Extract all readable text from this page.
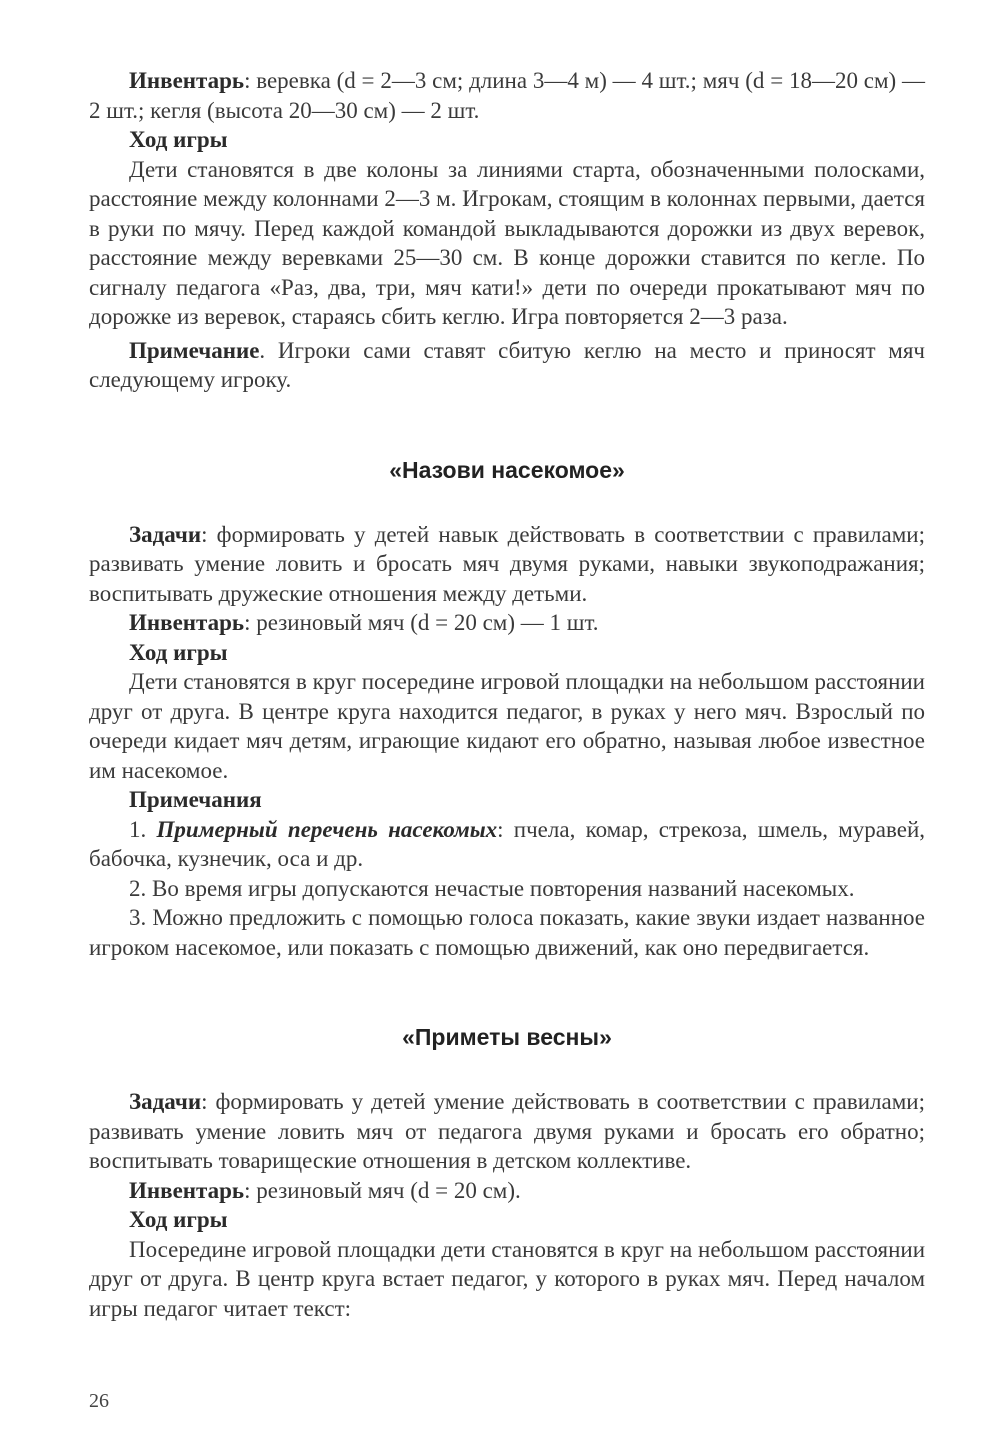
Инвентарь: веревка (d = 2—3 см; длина 3—4 м) — 4 шт.; мяч (d = 18—20 см) — 2 шт.; кегля (высота 20—30 см) — 2 шт.

Ход игры

Дети становятся в две колоны за линиями старта, обозначенными полосками, расстояние между колоннами 2—3 м. Игрокам, стоящим в колоннах первыми, дается в руки по мячу. Перед каждой командой выкладываются дорожки из двух веревок, расстояние между веревками 25—30 см. В конце дорожки ставится по кегле. По сигналу педагога «Раз, два, три, мяч кати!» дети по очереди прокатывают мяч по дорожке из веревок, стараясь сбить кеглю. Игра повторяется 2—3 раза.

Примечание. Игроки сами ставят сбитую кеглю на место и приносят мяч следующему игроку.

«Назови насекомое»

Задачи: формировать у детей навык действовать в соответствии с правилами; развивать умение ловить и бросать мяч двумя руками, навыки звукоподражания; воспитывать дружеские отношения между детьми.

Инвентарь: резиновый мяч (d = 20 см) — 1 шт.

Ход игры

Дети становятся в круг посередине игровой площадки на небольшом расстоянии друг от друга. В центре круга находится педагог, в руках у него мяч. Взрослый по очереди кидает мяч детям, играющие кидают его обратно, называя любое известное им насекомое.

Примечания

1. Примерный перечень насекомых: пчела, комар, стрекоза, шмель, муравей, бабочка, кузнечик, оса и др.

2. Во время игры допускаются нечастые повторения названий насекомых.

3. Можно предложить с помощью голоса показать, какие звуки издает названное игроком насекомое, или показать с помощью движений, как оно передвигается.

«Приметы весны»

Задачи: формировать у детей умение действовать в соответствии с правилами; развивать умение ловить мяч от педагога двумя руками и бросать его обратно; воспитывать товарищеские отношения в детском коллективе.

Инвентарь: резиновый мяч (d = 20 см).

Ход игры

Посередине игровой площадки дети становятся в круг на небольшом расстоянии друг от друга. В центр круга встает педагог, у которого в руках мяч. Перед началом игры педагог читает текст:

26
